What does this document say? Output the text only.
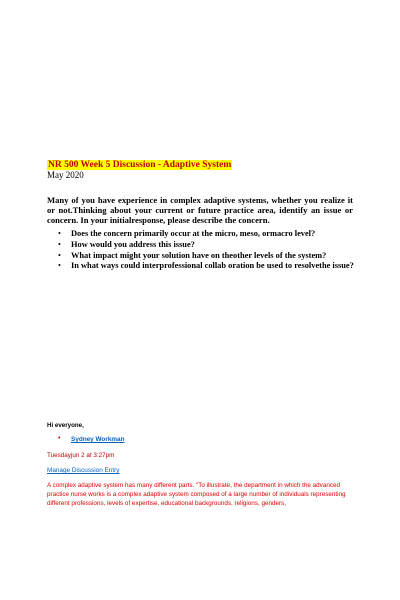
NR 500 Week 5 Discussion - Adaptive System
May 2020
Many of you have experience in complex adaptive systems, whether you realize it or not.Thinking about your current or future practice area, identify an issue or concern. In your initialresponse, please describe the concern.
• Does the concern primarily occur at the micro, meso, ormacro level?
• How would you address this issue?
• What impact might your solution have on theother levels of the system?
• In what ways could interprofessional collab oration be used to resolvethe issue?
Hi everyone,
• Sydney Workman
Tuesdayjun 2 at 3:27pm
Manage Discussion Entry

A complex adaptive system has many different parts. "To illustrate, the department in which the advanced practice nurse works is a complex adaptive system composed of a large number of individuals representing different professions, levels of expertise, educational backgrounds, religions, genders,
